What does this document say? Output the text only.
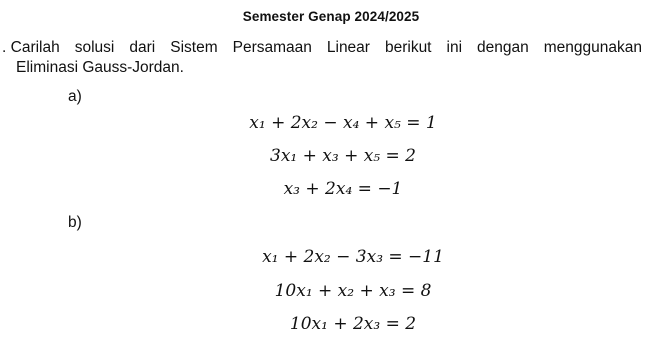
Semester Genap 2024/2025
. Carilah solusi dari Sistem Persamaan Linear berikut ini dengan menggunakan
Eliminasi Gauss-Jordan.
a)
x₁ + 2x₂ − x₄ + x₅ = 1
3x₁ + x₃ + x₅ = 2
x₃ + 2x₄ = −1
b)
x₁ + 2x₂ − 3x₃ = −11
10x₁ + x₂ + x₃ = 8
10x₁ + 2x₃ = 2
